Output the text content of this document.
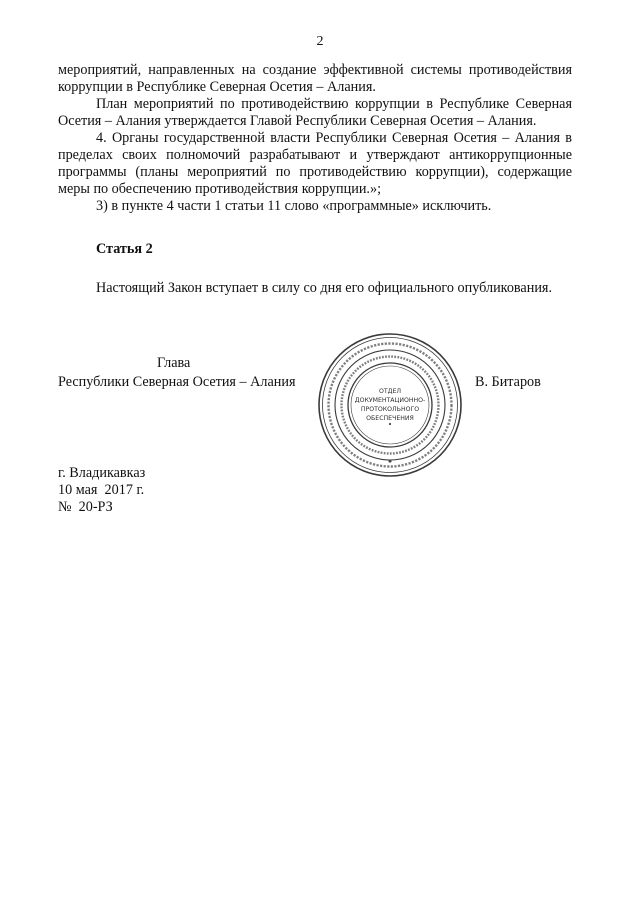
2

мероприятий, направленных на создание эффективной системы противодействия коррупции в Республике Северная Осетия – Алания.

План мероприятий по противодействию коррупции в Республике Северная Осетия – Алания утверждается Главой Республики Северная Осетия – Алания.

4. Органы государственной власти Республики Северная Осетия – Алания в пределах своих полномочий разрабатывают и утверждают антикоррупционные программы (планы мероприятий по противодействию коррупции), содержащие меры по обеспечению противодействия коррупции.»;

3) в пункте 4 части 1 статьи 11 слово «программные» исключить.

Статья 2

Настоящий Закон вступает в силу со дня его официального опубликования.

Глава
Республики Северная Осетия – Алания	В. Битаров
ОТДЕЛ
ДОКУМЕНТАЦИОННО-
ПРОТОКОЛЬНОГО
ОБЕСПЕЧЕНИЯ
г. Владикавказ
10 мая  2017 г.
№  20-РЗ
